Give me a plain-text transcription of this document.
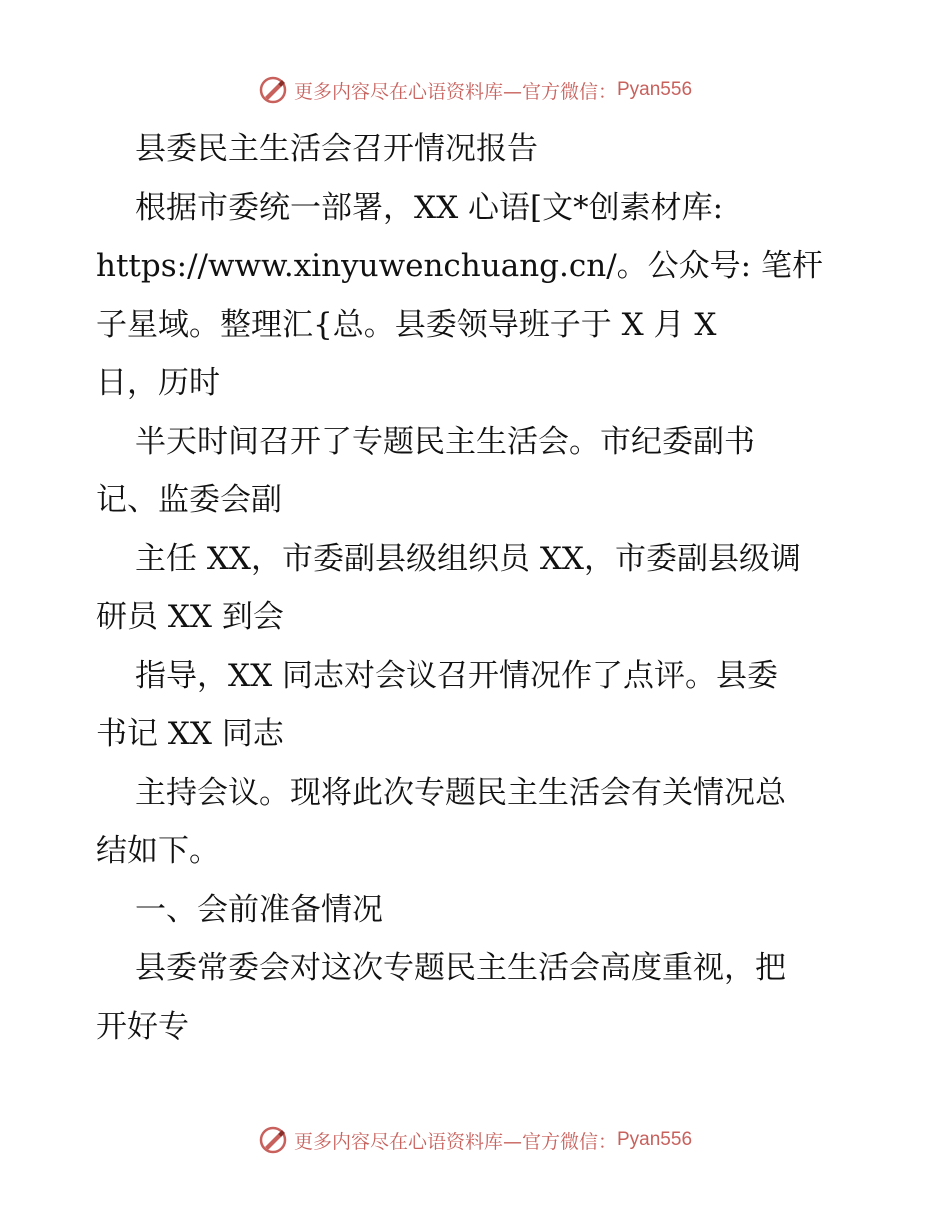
更多内容尽在心语资料库—官方微信： Pyan556
县委民主生活会召开情况报告
根据市委统一部署，XX 心语[文*创素材库:
https://www.xinyuwenchuang.cn/。公众号: 笔杆
子星域。整理汇{总。县委领导班子于 X 月 X
日，历时
半天时间召开了专题民主生活会。市纪委副书
记、监委会副
主任 XX，市委副县级组织员 XX，市委副县级调
研员 XX 到会
指导，XX 同志对会议召开情况作了点评。县委
书记 XX 同志
主持会议。现将此次专题民主生活会有关情况总
结如下。
一、会前准备情况
县委常委会对这次专题民主生活会高度重视，把
开好专
更多内容尽在心语资料库—官方微信： Pyan556
